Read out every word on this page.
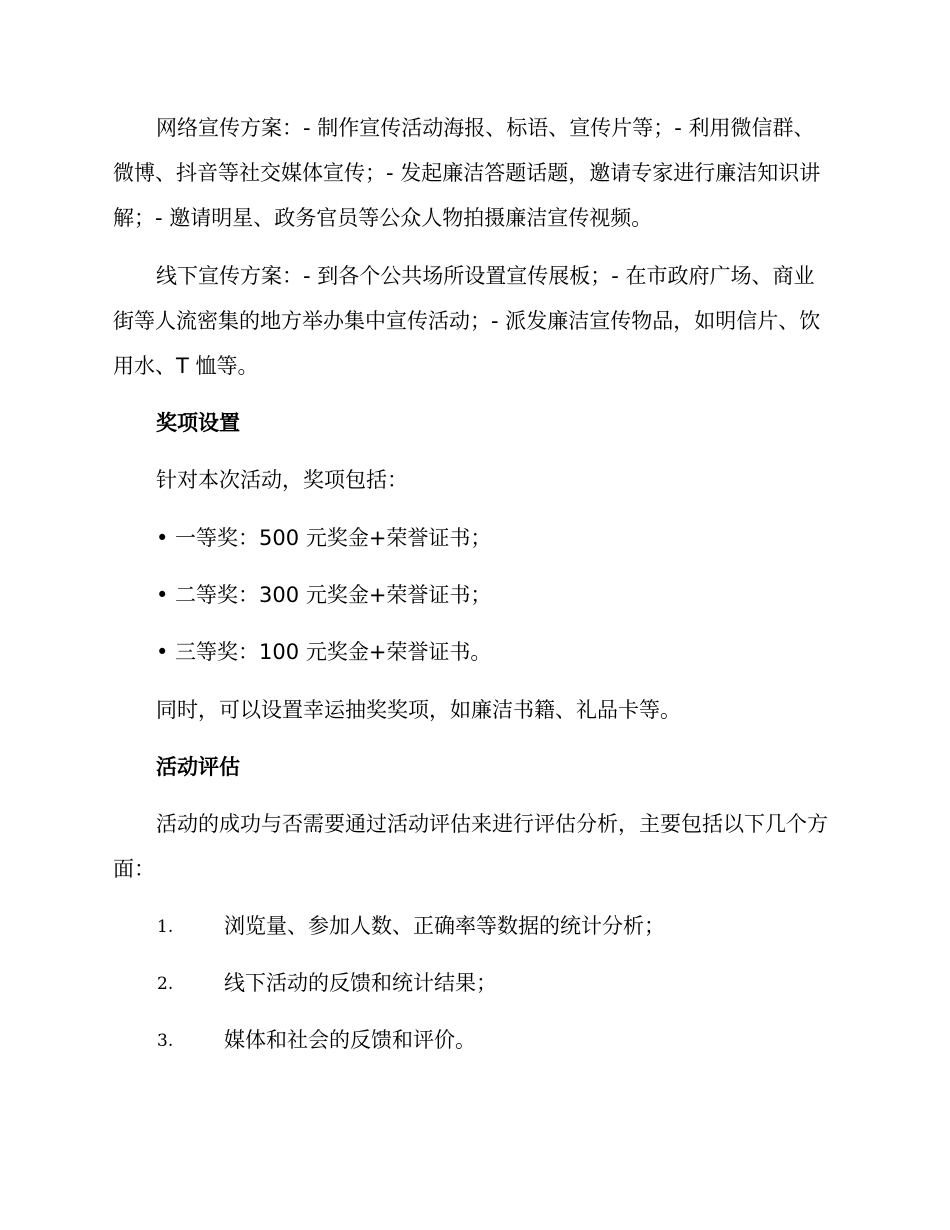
网络宣传方案：- 制作宣传活动海报、标语、宣传片等；- 利用微信群、微博、抖音等社交媒体宣传；- 发起廉洁答题话题，邀请专家进行廉洁知识讲解；- 邀请明星、政务官员等公众人物拍摄廉洁宣传视频。

线下宣传方案：- 到各个公共场所设置宣传展板；- 在市政府广场、商业街等人流密集的地方举办集中宣传活动；- 派发廉洁宣传物品，如明信片、饮用水、T 恤等。

奖项设置
针对本次活动，奖项包括：
• 一等奖：500 元奖金+荣誉证书；
• 二等奖：300 元奖金+荣誉证书；
• 三等奖：100 元奖金+荣誉证书。
同时，可以设置幸运抽奖奖项，如廉洁书籍、礼品卡等。
活动评估

活动的成功与否需要通过活动评估来进行评估分析，主要包括以下几个方面：

1. 浏览量、参加人数、正确率等数据的统计分析；
2. 线下活动的反馈和统计结果；
3. 媒体和社会的反馈和评价。
